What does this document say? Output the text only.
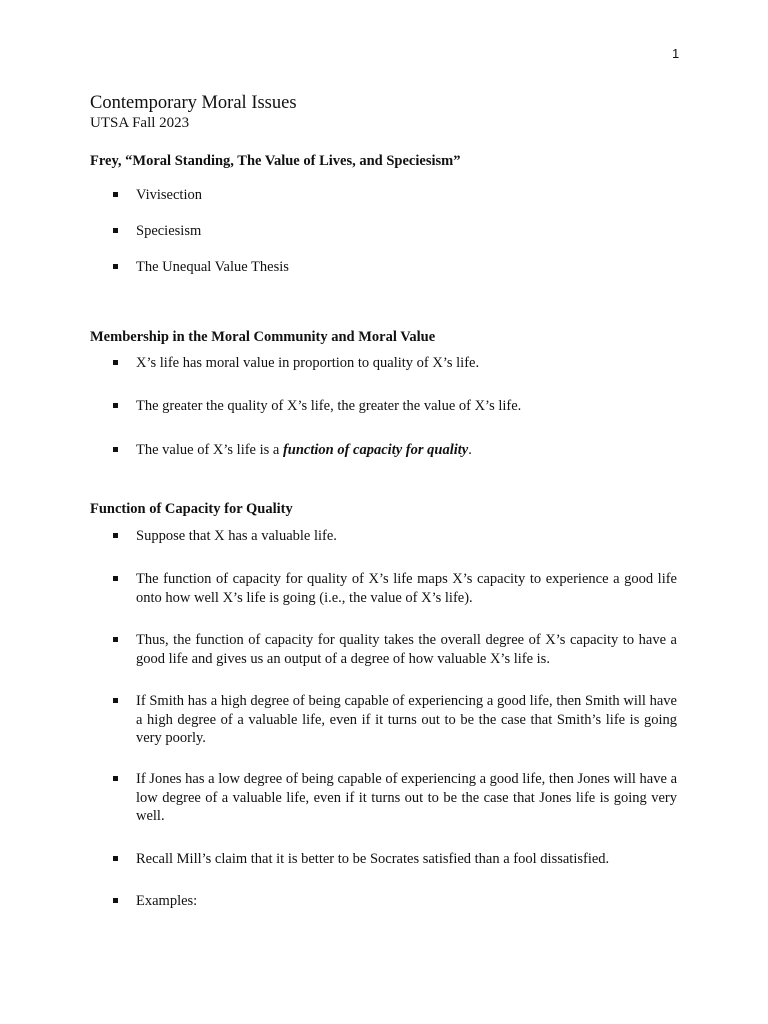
1
Contemporary Moral Issues
UTSA Fall 2023
Frey, “Moral Standing, The Value of Lives, and Speciesism”
Vivisection
Speciesism
The Unequal Value Thesis
Membership in the Moral Community and Moral Value
X’s life has moral value in proportion to quality of X’s life.
The greater the quality of X’s life, the greater the value of X’s life.
The value of X’s life is a function of capacity for quality.
Function of Capacity for Quality
Suppose that X has a valuable life.
The function of capacity for quality of X’s life maps X’s capacity to experience a good life onto how well X’s life is going (i.e., the value of X’s life).
Thus, the function of capacity for quality takes the overall degree of X’s capacity to have a good life and gives us an output of a degree of how valuable X’s life is.
If Smith has a high degree of being capable of experiencing a good life, then Smith will have a high degree of a valuable life, even if it turns out to be the case that Smith’s life is going very poorly.
If Jones has a low degree of being capable of experiencing a good life, then Jones will have a low degree of a valuable life, even if it turns out to be the case that Jones life is going very well.
Recall Mill’s claim that it is better to be Socrates satisfied than a fool dissatisfied.
Examples:
